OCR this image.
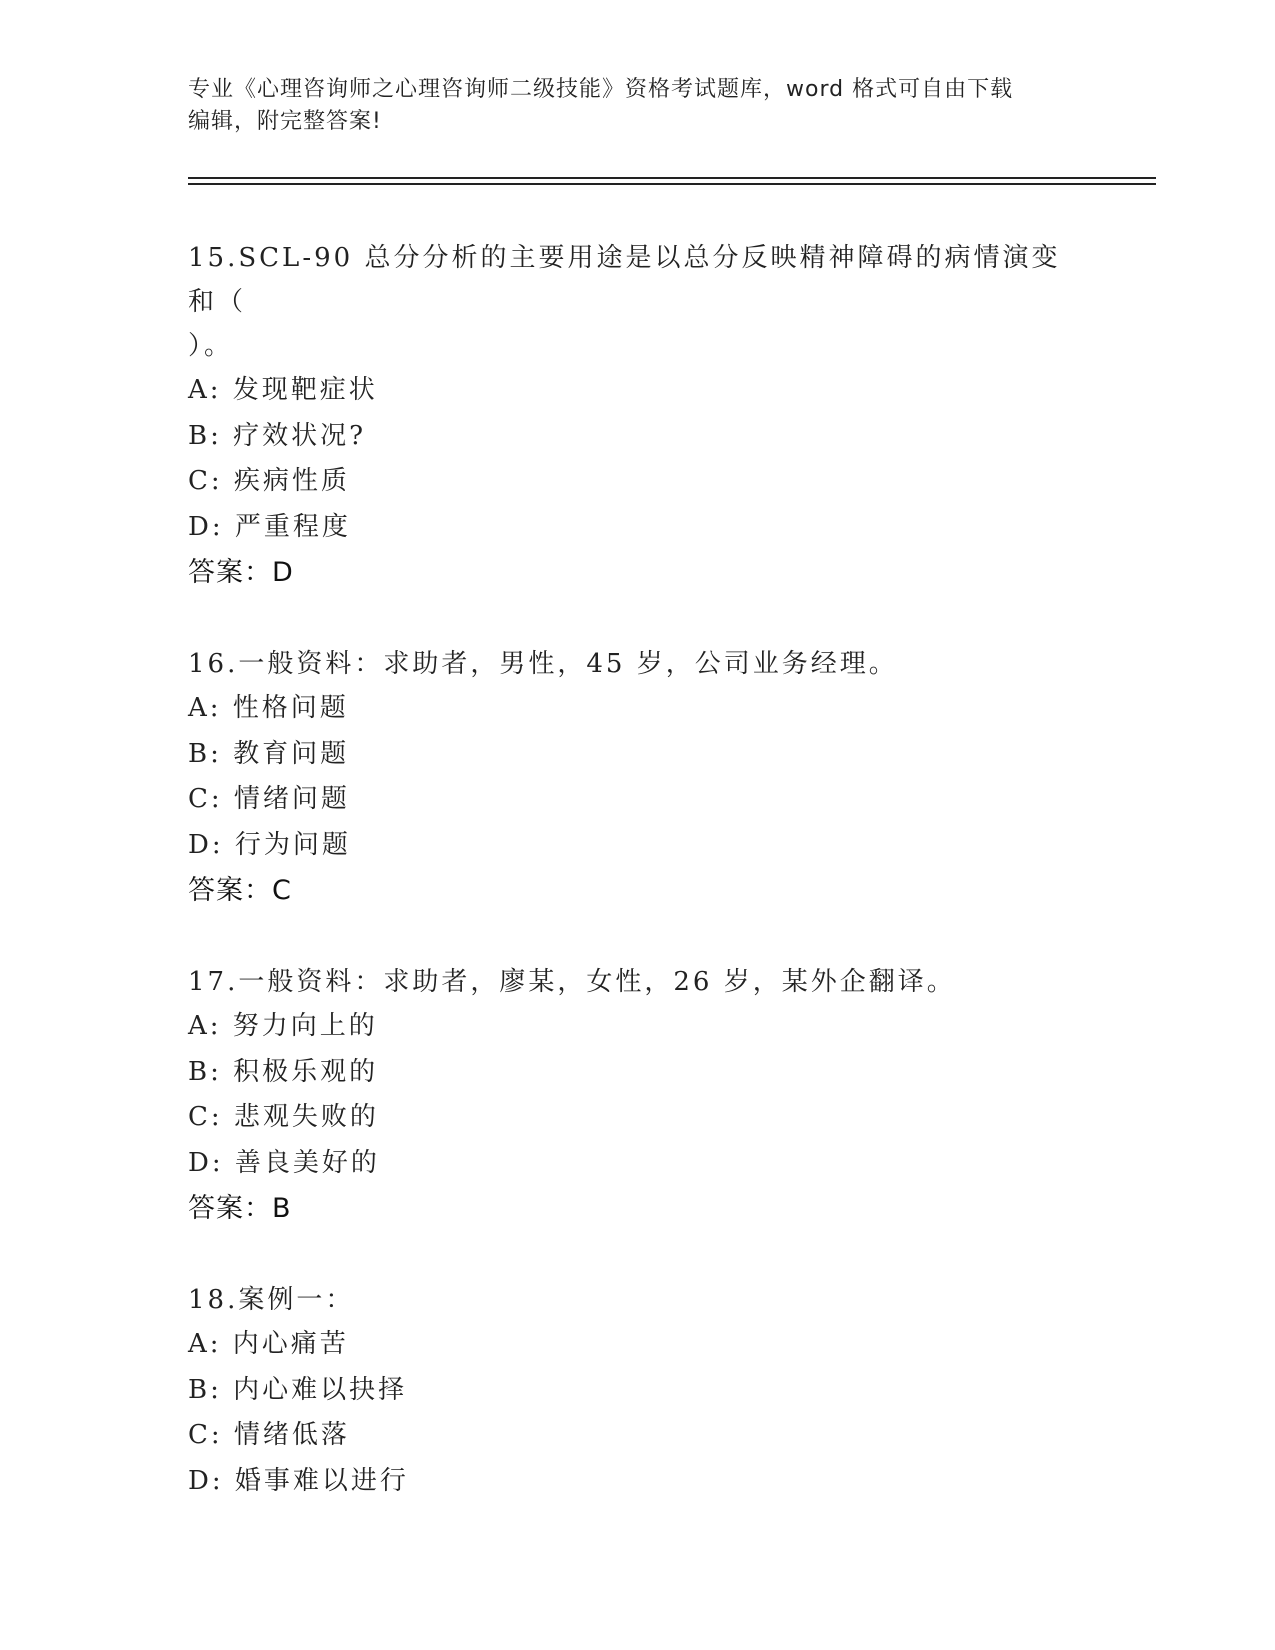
专业《心理咨询师之心理咨询师二级技能》资格考试题库，word 格式可自由下载
编辑，附完整答案!

15.SCL-90 总分分析的主要用途是以总分反映精神障碍的病情演变和（

）。

A: 发现靶症状

B: 疗效状况?

C: 疾病性质

D: 严重程度

答案：D

16.一般资料：求助者，男性，45 岁，公司业务经理。

A: 性格问题

B: 教育问题

C: 情绪问题

D: 行为问题

答案：C

17.一般资料：求助者，廖某，女性，26 岁，某外企翻译。

A: 努力向上的

B: 积极乐观的

C: 悲观失败的

D: 善良美好的

答案：B

18.案例一：

A: 内心痛苦

B: 内心难以抉择

C: 情绪低落

D: 婚事难以进行
